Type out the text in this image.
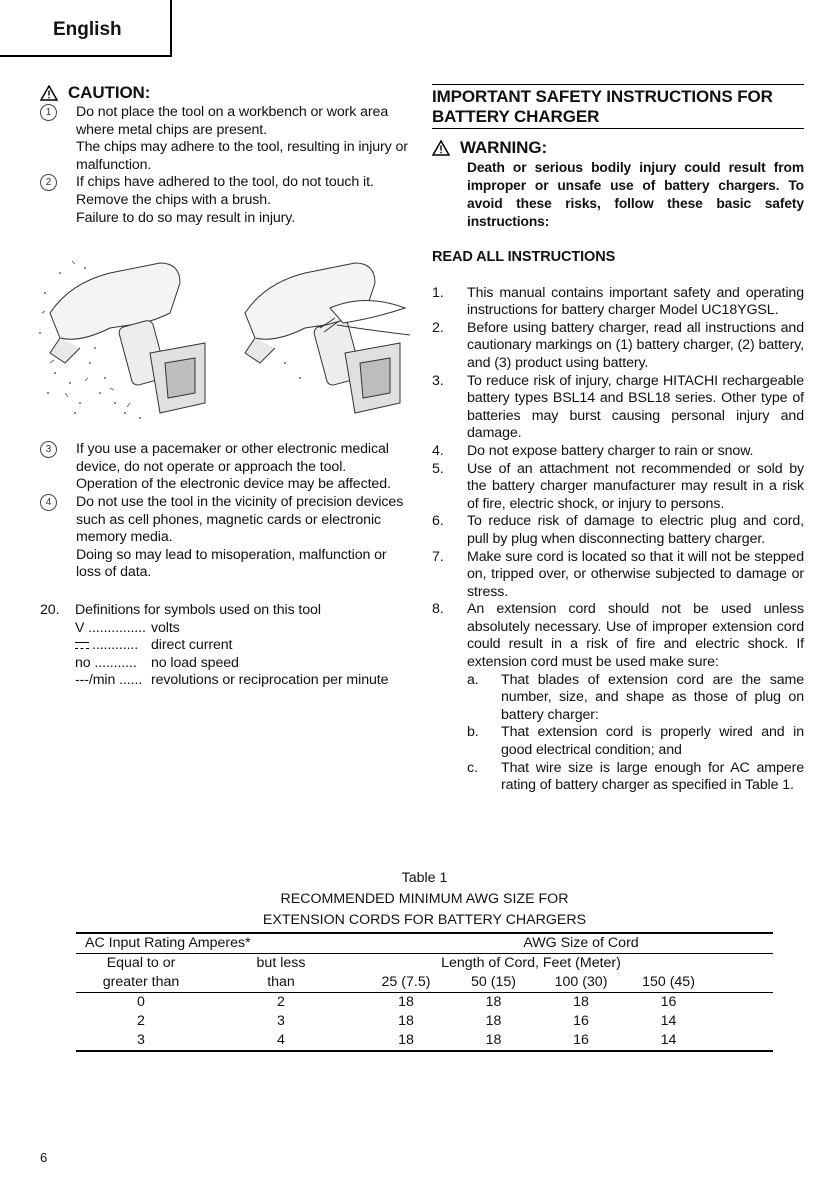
English
CAUTION:
1	Do not place the tool on a workbench or work area where metal chips are present.
The chips may adhere to the tool, resulting in injury or malfunction.
2	If chips have adhered to the tool, do not touch it. Remove the chips with a brush.
Failure to do so may result in injury.
3	If you use a pacemaker or other electronic medical device, do not operate or approach the tool.
Operation of the electronic device may be affected.
4	Do not use the tool in the vicinity of precision devices such as cell phones, magnetic cards or electronic memory media.
Doing so may lead to misoperation, malfunction or loss of data.
20. Definitions for symbols used on this tool
V ............... volts
............ direct current
no ...........	no load speed
---/min ...... revolutions or reciprocation per minute
IMPORTANT SAFETY INSTRUCTIONS FOR BATTERY CHARGER
WARNING:
Death or serious bodily injury could result from improper or unsafe use of battery chargers. To avoid these risks, follow these basic safety instructions:
READ ALL INSTRUCTIONS
1. This manual contains important safety and operating instructions for battery charger Model UC18YGSL.
2. Before using battery charger, read all instructions and cautionary markings on (1) battery charger, (2) battery, and (3) product using battery.
3. To reduce risk of injury, charge HITACHI rechargeable battery types BSL14 and BSL18 series. Other type of batteries may burst causing personal injury and damage.
4. Do not expose battery charger to rain or snow.
5. Use of an attachment not recommended or sold by the battery charger manufacturer may result in a risk of fire, electric shock, or injury to persons.
6. To reduce risk of damage to electric plug and cord, pull by plug when disconnecting battery charger.
7. Make sure cord is located so that it will not be stepped on, tripped over, or otherwise subjected to damage or stress.
8. An extension cord should not be used unless absolutely necessary. Use of improper extension cord could result in a risk of fire and electric shock. If extension cord must be used make sure:
a. That blades of extension cord are the same number, size, and shape as those of plug on battery charger:
b. That extension cord is properly wired and in good electrical condition; and
c. That wire size is large enough for AC ampere rating of battery charger as specified in Table 1.
Table 1
RECOMMENDED MINIMUM AWG SIZE FOR
EXTENSION CORDS FOR BATTERY CHARGERS
AC Input Rating Amperes*			AWG Size of Cord			
Equal to or	but less	Length of Cord, Feet (Meter)				
greater than	than	25 (7.5)	50 (15)	100 (30)	150 (45)	
0	2	18	18	18	16	
2	3	18	18	16	14	
3	4	18	18	16	14	
6
